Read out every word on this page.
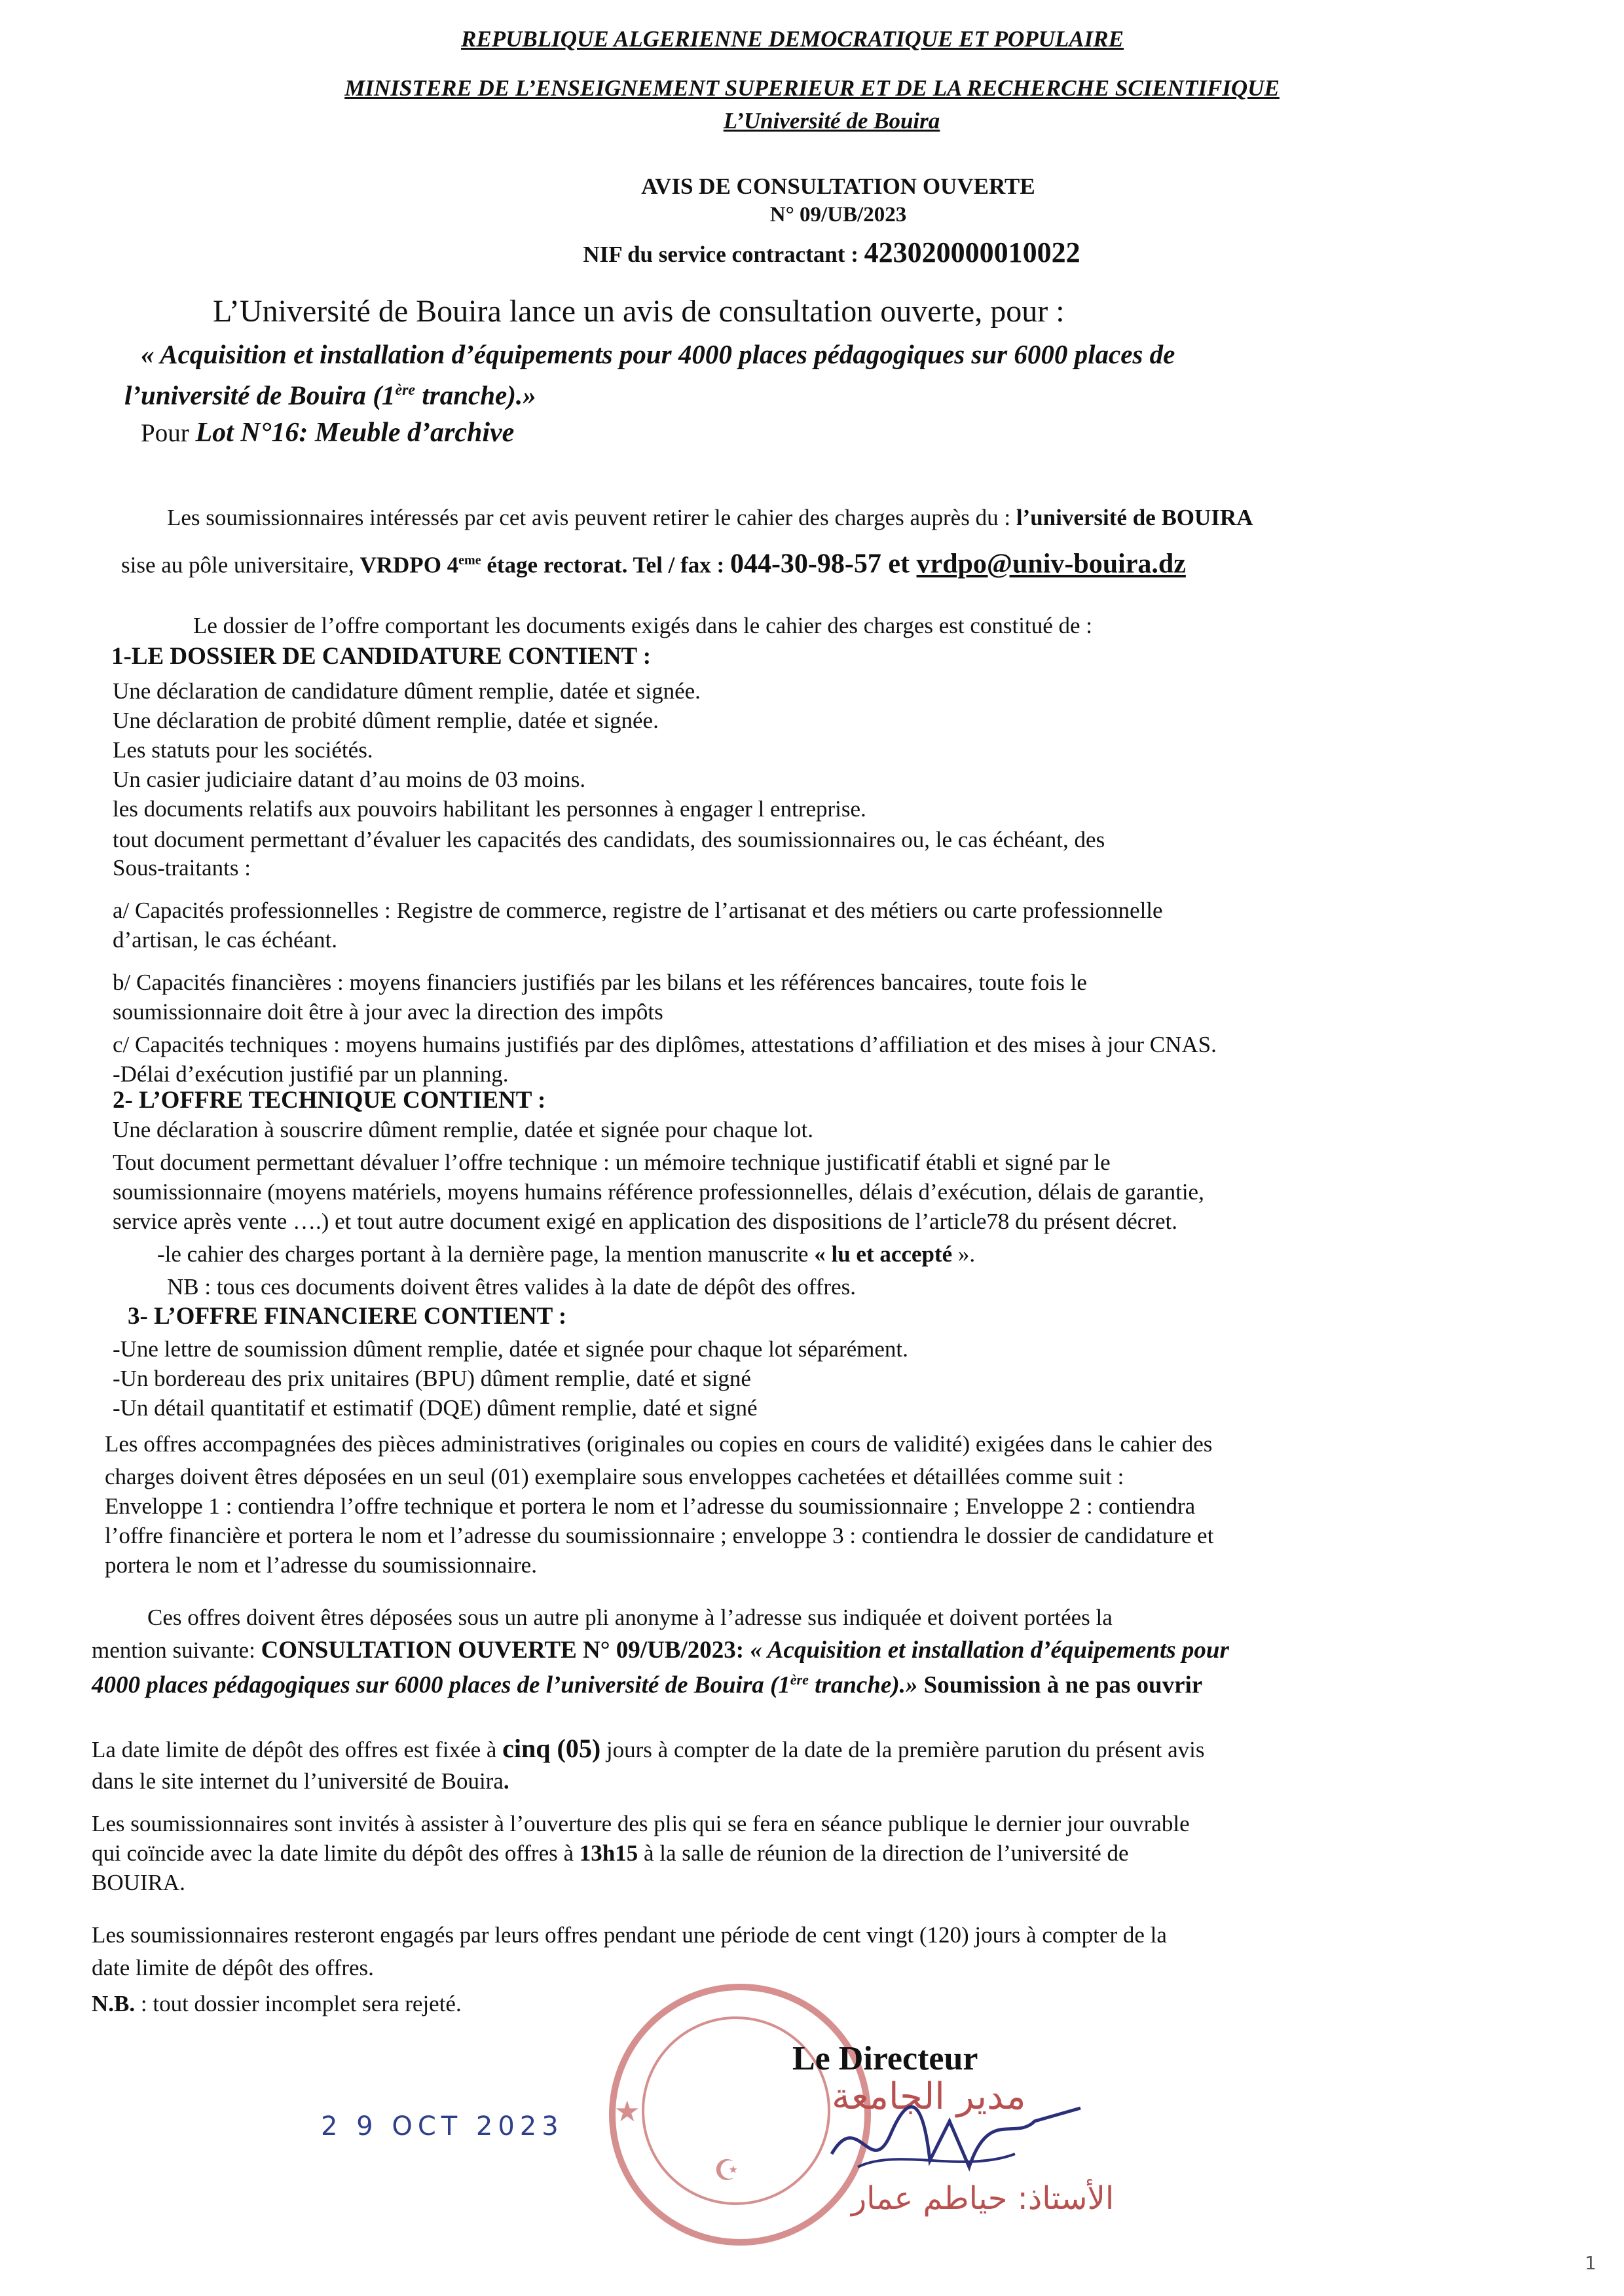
REPUBLIQUE ALGERIENNE DEMOCRATIQUE ET POPULAIRE
MINISTERE DE L’ENSEIGNEMENT SUPERIEUR ET DE LA RECHERCHE SCIENTIFIQUE
L’Université de Bouira
AVIS DE CONSULTATION OUVERTE
N° 09/UB/2023
NIF du service contractant : 423020000010022
L’Université de Bouira lance un avis de consultation ouverte, pour :
« Acquisition et installation d’équipements pour 4000 places pédagogiques sur 6000 places de
l’université de Bouira (1ère tranche).»
Pour Lot N°16: Meuble d’archive
Les soumissionnaires intéressés par cet avis peuvent retirer le cahier des charges auprès du : l’université de BOUIRA
sise au pôle universitaire, VRDPO 4eme étage rectorat. Tel / fax : 044-30-98-57 et vrdpo@univ-bouira.dz
Le dossier de l’offre comportant les documents exigés dans le cahier des charges est constitué de :
1-LE DOSSIER DE CANDIDATURE CONTIENT :
Une déclaration de candidature dûment remplie, datée et signée.
Une déclaration de probité dûment remplie, datée et signée.
Les statuts pour les sociétés.
Un casier judiciaire datant d’au moins de 03 moins.
les documents relatifs aux pouvoirs habilitant les personnes à engager l entreprise.
tout document permettant d’évaluer les capacités des candidats, des soumissionnaires ou, le cas échéant, des
Sous-traitants :
a/ Capacités professionnelles : Registre de commerce, registre de l’artisanat et des métiers ou carte professionnelle
d’artisan, le cas échéant.
b/ Capacités financières : moyens financiers justifiés par les bilans et les références bancaires, toute fois le
soumissionnaire doit être à jour avec la direction des impôts
c/ Capacités techniques : moyens humains justifiés par des diplômes, attestations d’affiliation et des mises à jour CNAS.
-Délai d’exécution justifié par un planning.
2- L’OFFRE TECHNIQUE CONTIENT :
Une déclaration à souscrire dûment remplie, datée et signée pour chaque lot.
Tout document permettant dévaluer l’offre technique : un mémoire technique justificatif établi et signé par le
soumissionnaire (moyens matériels, moyens humains référence professionnelles, délais d’exécution, délais de garantie,
service après vente ….) et tout autre document exigé en application des dispositions de l’article78 du présent décret.
-le cahier des charges portant à la dernière page, la mention manuscrite « lu et accepté ».
NB : tous ces documents doivent êtres valides à la date de dépôt des offres.
3- L’OFFRE FINANCIERE CONTIENT :
-Une lettre de soumission dûment remplie, datée et signée pour chaque lot séparément.
-Un bordereau des prix unitaires (BPU) dûment remplie, daté et signé
-Un détail quantitatif et estimatif (DQE) dûment remplie, daté et signé
Les offres accompagnées des pièces administratives (originales ou copies en cours de validité) exigées dans le cahier des
charges doivent êtres déposées en un seul (01) exemplaire sous enveloppes cachetées et détaillées comme suit :
Enveloppe 1 : contiendra l’offre technique et portera le nom et l’adresse du soumissionnaire ; Enveloppe 2 : contiendra
l’offre financière et portera le nom et l’adresse du soumissionnaire ; enveloppe 3 : contiendra le dossier de candidature et
portera le nom et l’adresse du soumissionnaire.
Ces offres doivent êtres déposées sous un autre pli anonyme à l’adresse sus indiquée et doivent portées la
mention suivante: CONSULTATION OUVERTE N° 09/UB/2023: « Acquisition et installation d’équipements pour
4000 places pédagogiques sur 6000 places de l’université de Bouira (1ère tranche).» Soumission à ne pas ouvrir
La date limite de dépôt des offres est fixée à cinq (05) jours à compter de la date de la première parution du présent avis
dans le site internet du l’université de Bouira.
Les soumissionnaires sont invités à assister à l’ouverture des plis qui se fera en séance publique le dernier jour ouvrable
qui coïncide avec la date limite du dépôt des offres à 13h15 à la salle de réunion de la direction de l’université de
BOUIRA.
Les soumissionnaires resteront engagés par leurs offres pendant une période de cent vingt (120) jours à compter de la
date limite de dépôt des offres.
N.B. : tout dossier incomplet sera rejeté.
★
☪
مدير الجامعة
الأستاذ: حياطم عمار
Le Directeur
2 9 OCT 2023
1
